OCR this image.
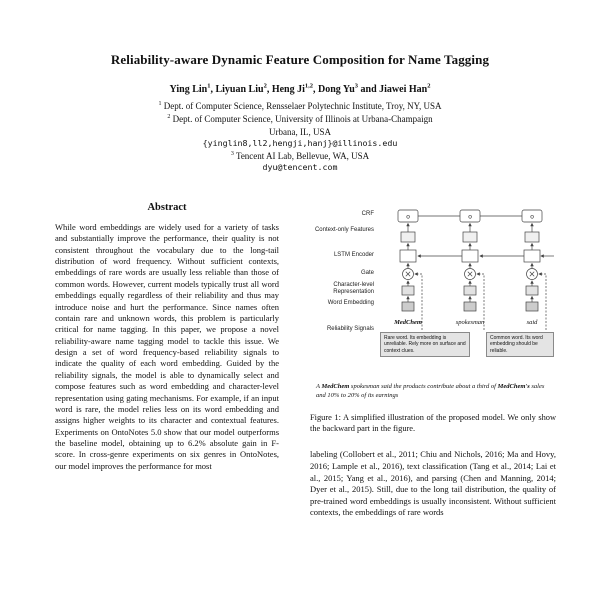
Reliability-aware Dynamic Feature Composition for Name Tagging
Ying Lin$^1$, Liyuan Liu$^2$, Heng Ji$^{1,2}$, Dong Yu$^3$ and Jiawei Han$^2$
$^1$ Dept. of Computer Science, Rensselaer Polytechnic Institute, Troy, NY, USA
$^2$ Dept. of Computer Science, University of Illinois at Urbana-Champaign
Urbana, IL, USA
{yinglin8,ll2,hengji,hanj}@illinois.edu
$^3$ Tencent AI Lab, Bellevue, WA, USA
dyu@tencent.com
Abstract

While word embeddings are widely used for a variety of tasks and substantially improve the performance, their quality is not consistent throughout the vocabulary due to the long-tail distribution of word frequency. Without sufficient contexts, embeddings of rare words are usually less reliable than those of common words. However, current models typically trust all word embeddings equally regardless of their reliability and thus may introduce noise and hurt the performance. Since names often contain rare and unknown words, this problem is particularly critical for name tagging. In this paper, we propose a novel reliability-aware name tagging model to tackle this issue. We design a set of word frequency-based reliability signals to indicate the quality of each word embedding. Guided by the reliability signals, the model is able to dynamically select and compose features such as word embedding and character-level representation using gating mechanisms. For example, if an input word is rare, the model relies less on its word embedding and assigns higher weights to its character and contextual features. Experiments on OntoNotes 5.0 show that our model outperforms the baseline model, obtaining up to 6.2% absolute gain in F-score. In cross-genre experiments on six genres in OntoNotes, our model improves the performance for most

CRF
Context-only Features
LSTM Encoder
Gate
Character-level Representation
Word Embedding
Reliability Signals
o	o	o
MedChem	spokesman	said
Rare word. Its embedding is unreliable. Rely more on surface and context clues.
Common word. Its word embedding should be reliable.
A MedChem spokesman said the products contribute about a third of MedChem's sales and 10% to 20% of its earnings
Figure 1: A simplified illustration of the proposed model. We only show the backward part in the figure.

labeling (Collobert et al., 2011; Chiu and Nichols, 2016; Ma and Hovy, 2016; Lample et al., 2016), text classification (Tang et al., 2014; Lai et al., 2015; Yang et al., 2016), and parsing (Chen and Manning, 2014; Dyer et al., 2015). Still, due to the long tail distribution, the quality of pre-trained word embeddings is usually inconsistent. Without sufficient contexts, the embeddings of rare words
